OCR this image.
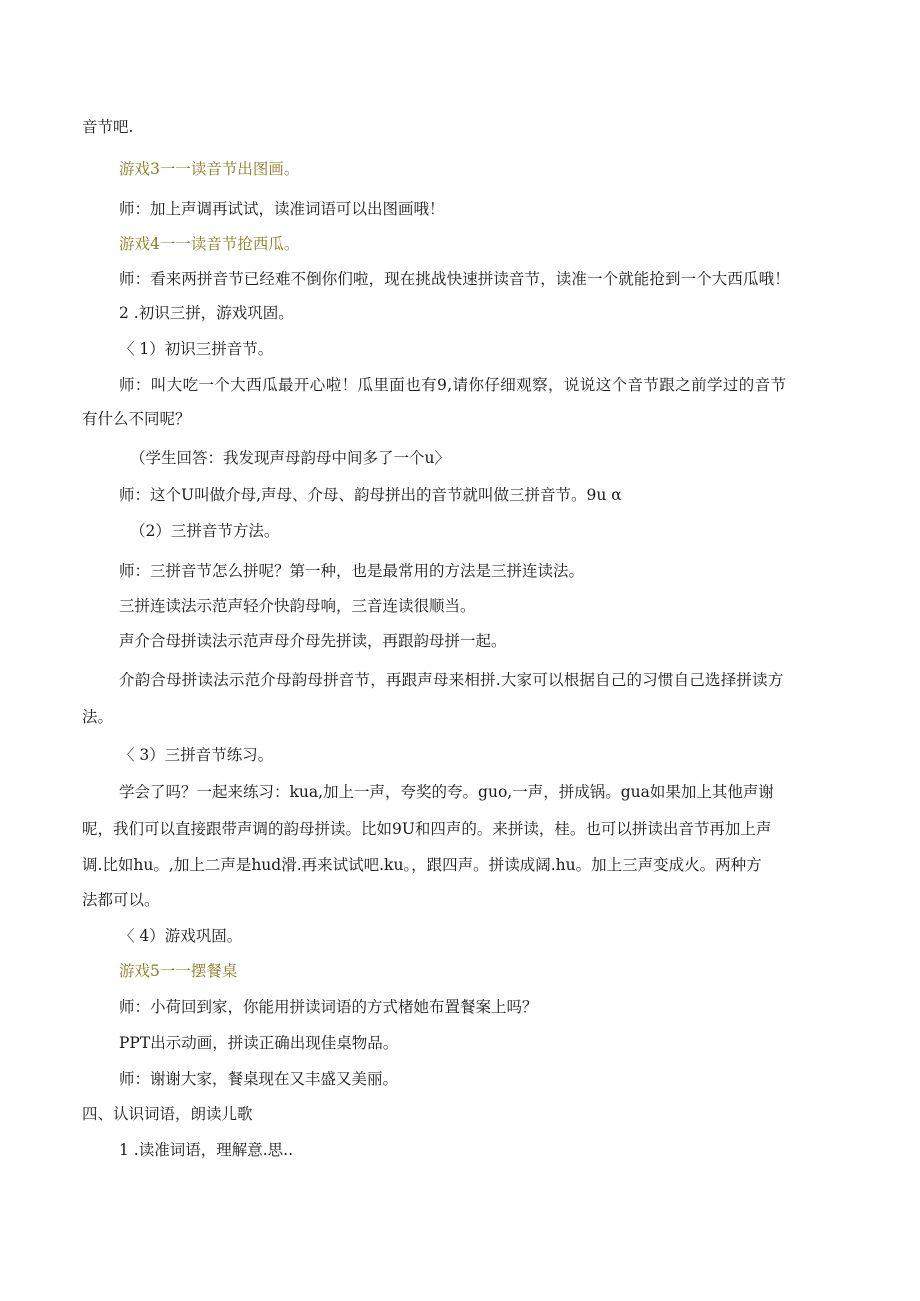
音节吧.
游戏3一一读音节出图画。
师：加上声调再试试，读准词语可以出图画哦！
游戏4一一读音节抢西瓜。
师：看来两拼音节已经难不倒你们啦，现在挑战快速拼读音节，读准一个就能抢到一个大西瓜哦！
2 .初识三拼，游戏巩固。
〈 1）初识三拼音节。
师：叫大吃一个大西瓜最开心啦！瓜里面也有9,请你仔细观察，说说这个音节跟之前学过的音节
有什么不同呢？
（学生回答：我发现声母韵母中间多了一个u〉
师：这个U叫做介母,声母、介母、韵母拼出的音节就叫做三拼音节。9u α
（2）三拼音节方法。
师：三拼音节怎么拼呢？第一种，也是最常用的方法是三拼连读法。
三拼连读法示范声轻介快韵母响，三音连读很顺当。
声介合母拼读法示范声母介母先拼读，再跟韵母拼一起。
介韵合母拼读法示范介母韵母拼音节，再跟声母来相拼.大家可以根据自己的习惯自己选择拼读方
法。
〈 3）三拼音节练习。
学会了吗？一起来练习：kua,加上一声，夸奖的夸。guo,一声，拼成锅。gua如果加上其他声谢
呢，我们可以直接跟带声调的韵母拼读。比如9U和四声的。来拼读，桂。也可以拼读出音节再加上声
调.比如hu。,加上二声是hud滑.再来试试吧.ku。，跟四声。拼读成阔.hu。加上三声变成火。两种方
法都可以。
〈 4）游戏巩固。
游戏5一一摆餐桌
师：小荷回到家，你能用拼读词语的方式楮她布置餐案上吗？
PPT出示动画，拼读正确出现佳桌物品。
师：谢谢大家，餐桌现在又丰盛又美丽。
四、认识词语，朗读儿歌
1 .读准词语，理解意.思..
